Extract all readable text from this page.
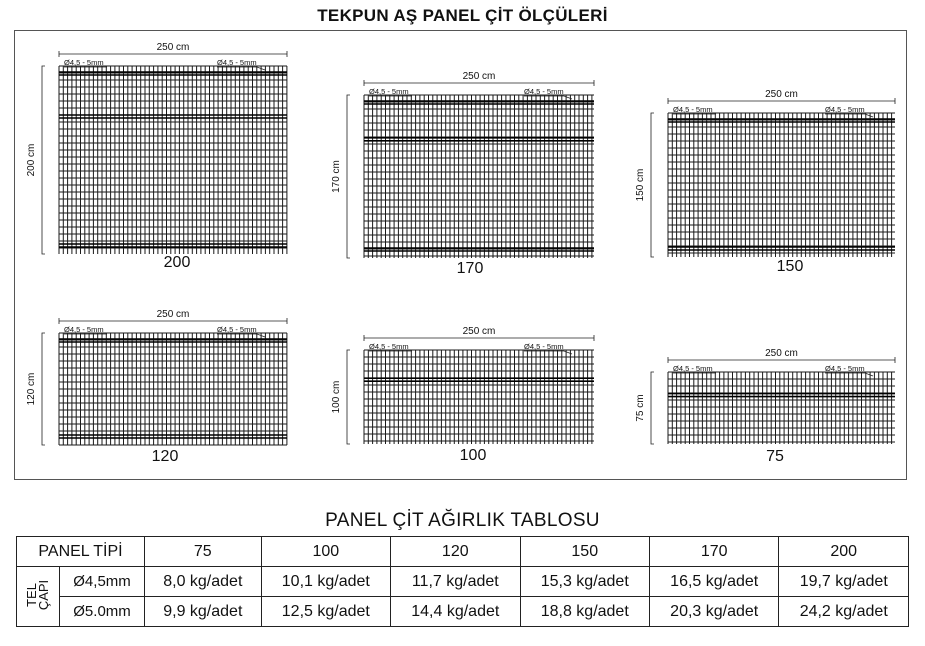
TEKPUN AŞ PANEL ÇİT ÖLÇÜLERİ
250 cm
Ø4,5 - 5mm	Ø4,5 - 5mm
200 cm
200
250 cm
Ø4,5 - 5mm	Ø4,5 - 5mm
170 cm
170
250 cm
Ø4,5 - 5mm	Ø4,5 - 5mm
150 cm
150
250 cm
Ø4,5 - 5mm	Ø4,5 - 5mm
120 cm
120
250 cm
Ø4,5 - 5mm	Ø4,5 - 5mm
100 cm
100
250 cm
Ø4,5 - 5mm	Ø4,5 - 5mm
75 cm
75
PANEL ÇİT AĞIRLIK TABLOSU
PANEL TİPİ		75	100	120	150	170	200
TEL
ÇAPI	Ø4,5mm	8,0 kg/adet	10,1 kg/adet	11,7 kg/adet	15,3 kg/adet	16,5 kg/adet	19,7 kg/adet
	Ø5.0mm	9,9 kg/adet	12,5 kg/adet	14,4 kg/adet	18,8 kg/adet	20,3 kg/adet	24,2 kg/adet
